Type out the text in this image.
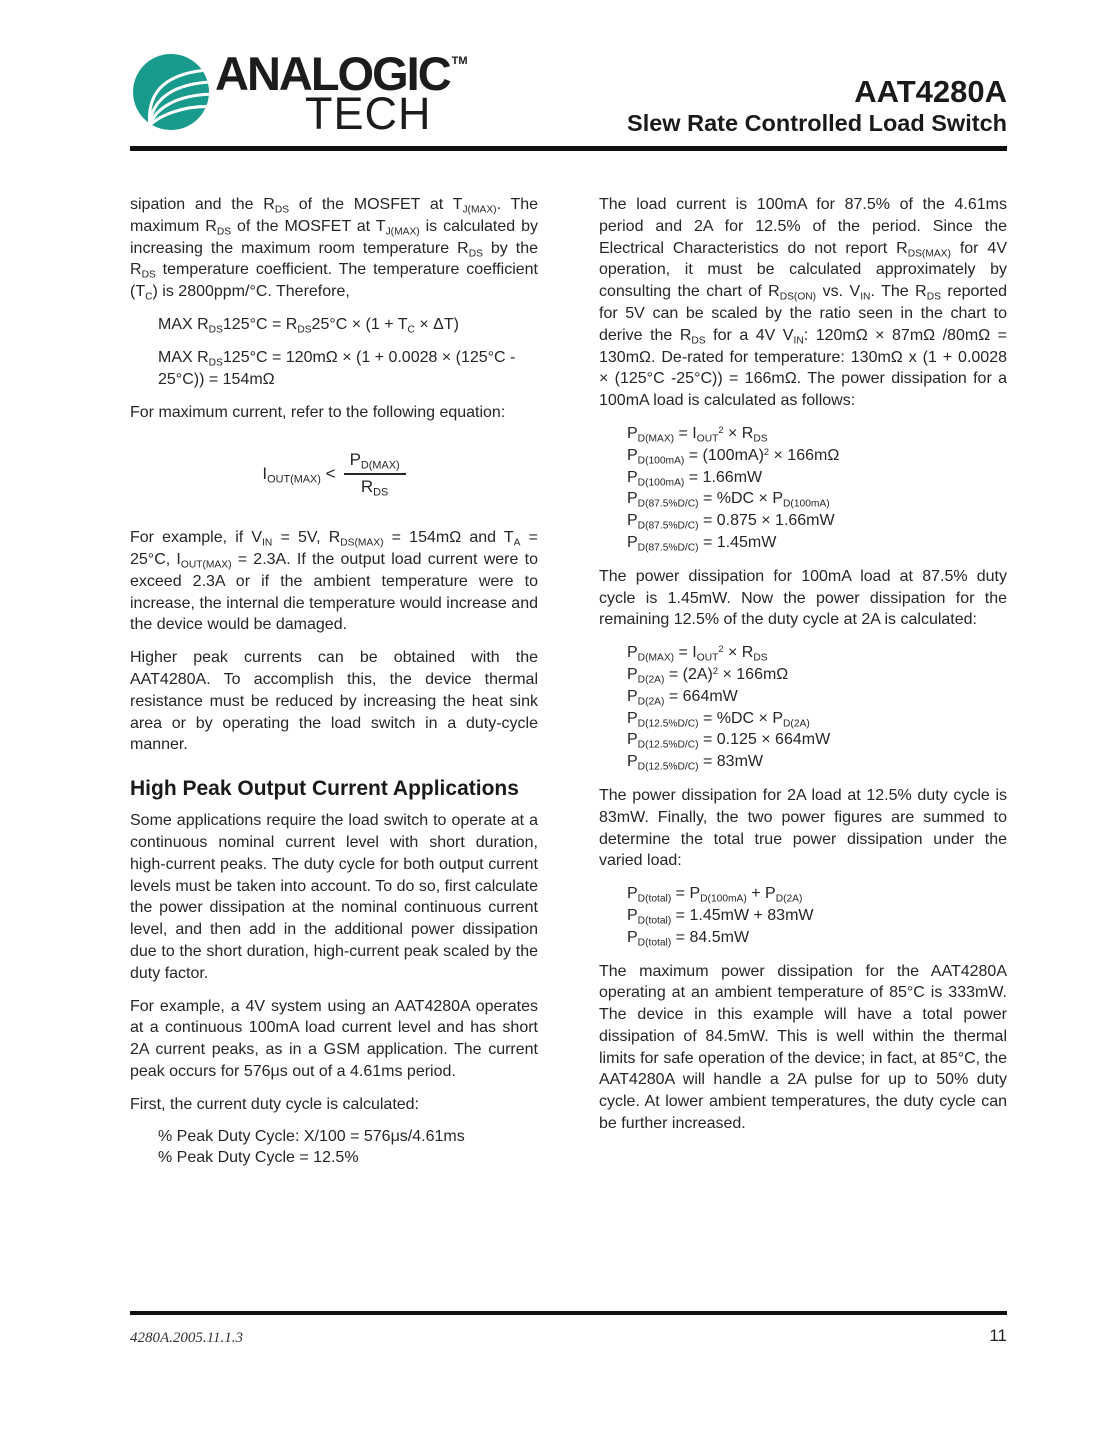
ANALOGIC ™
TECH	AAT4280A
Slew Rate Controlled Load Switch

sipation and the $R_{DS}$ of the MOSFET at $T_{J(MAX)}$. The maximum $R_{DS}$ of the MOSFET at $T_{J(MAX)}$ is calculated by increasing the maximum room temperature $R_{DS}$ by the $R_{DS}$ temperature coefficient. The temperature coefficient $(T_C)$ is 2800ppm/°C. Therefore,

MAX $R_{DS}125^\circ C = R_{DS}25^\circ C \times (1 + T_C \times \Delta T)$
MAX $R_{DS}125^\circ C = 120m\Omega \times (1 + 0.0028 \times (125^\circ C - 25^\circ C)) = 154m\Omega$

For maximum current, refer to the following equation:

$I_{OUT(MAX)} < \frac{P_{D(MAX)}}{R_{DS}}$

For example, if $V_{IN} = 5V$, $R_{DS(MAX)} = 154m\Omega$ and $T_A = 25^\circ C$, $I_{OUT(MAX)} = 2.3A$. If the output load current were to exceed 2.3A or if the ambient temperature were to increase, the internal die temperature would increase and the device would be damaged.

Higher peak currents can be obtained with the AAT4280A. To accomplish this, the device thermal resistance must be reduced by increasing the heat sink area or by operating the load switch in a duty-cycle manner.

High Peak Output Current Applications

Some applications require the load switch to operate at a continuous nominal current level with short duration, high-current peaks. The duty cycle for both output current levels must be taken into account. To do so, first calculate the power dissipation at the nominal continuous current level, and then add in the additional power dissipation due to the short duration, high-current peak scaled by the duty factor.

For example, a 4V system using an AAT4280A operates at a continuous 100mA load current level and has short 2A current peaks, as in a GSM application. The current peak occurs for 576μs out of a 4.61ms period.

First, the current duty cycle is calculated:

% Peak Duty Cycle: X/100 = 576μs/4.61ms
% Peak Duty Cycle = 12.5%

The load current is 100mA for 87.5% of the 4.61ms period and 2A for 12.5% of the period. Since the Electrical Characteristics do not report $R_{DS(MAX)}$ for 4V operation, it must be calculated approximately by consulting the chart of $R_{DS(ON)}$ vs. $V_{IN}$. The $R_{DS}$ reported for 5V can be scaled by the ratio seen in the chart to derive the $R_{DS}$ for a 4V $V_{IN}$: 120mΩ × 87mΩ /80mΩ = 130mΩ. De-rated for temperature: 130mΩ x (1 + 0.0028 × (125°C -25°C)) = 166mΩ. The power dissipation for a 100mA load is calculated as follows:

$P_{D(MAX)} = I_{OUT}^2 \times R_{DS}$
$P_{D(100mA)} = (100mA)^2 \times 166m\Omega$
$P_{D(100mA)} = 1.66mW$
$P_{D(87.5\%D/C)} = \%DC \times P_{D(100mA)}$
$P_{D(87.5\%D/C)} = 0.875 \times 1.66mW$
$P_{D(87.5\%D/C)} = 1.45mW$

The power dissipation for 100mA load at 87.5% duty cycle is 1.45mW. Now the power dissipation for the remaining 12.5% of the duty cycle at 2A is calculated:

$P_{D(MAX)} = I_{OUT}^2 \times R_{DS}$
$P_{D(2A)} = (2A)^2 \times 166m\Omega$
$P_{D(2A)} = 664mW$
$P_{D(12.5\%D/C)} = \%DC \times P_{D(2A)}$
$P_{D(12.5\%D/C)} = 0.125 \times 664mW$
$P_{D(12.5\%D/C)} = 83mW$

The power dissipation for 2A load at 12.5% duty cycle is 83mW. Finally, the two power figures are summed to determine the total true power dissipation under the varied load:

$P_{D(total)} = P_{D(100mA)} + P_{D(2A)}$
$P_{D(total)} = 1.45mW + 83mW$
$P_{D(total)} = 84.5mW$

The maximum power dissipation for the AAT4280A operating at an ambient temperature of 85°C is 333mW. The device in this example will have a total power dissipation of 84.5mW. This is well within the thermal limits for safe operation of the device; in fact, at 85°C, the AAT4280A will handle a 2A pulse for up to 50% duty cycle. At lower ambient temperatures, the duty cycle can be further increased.

4280A.2005.11.1.3	11
